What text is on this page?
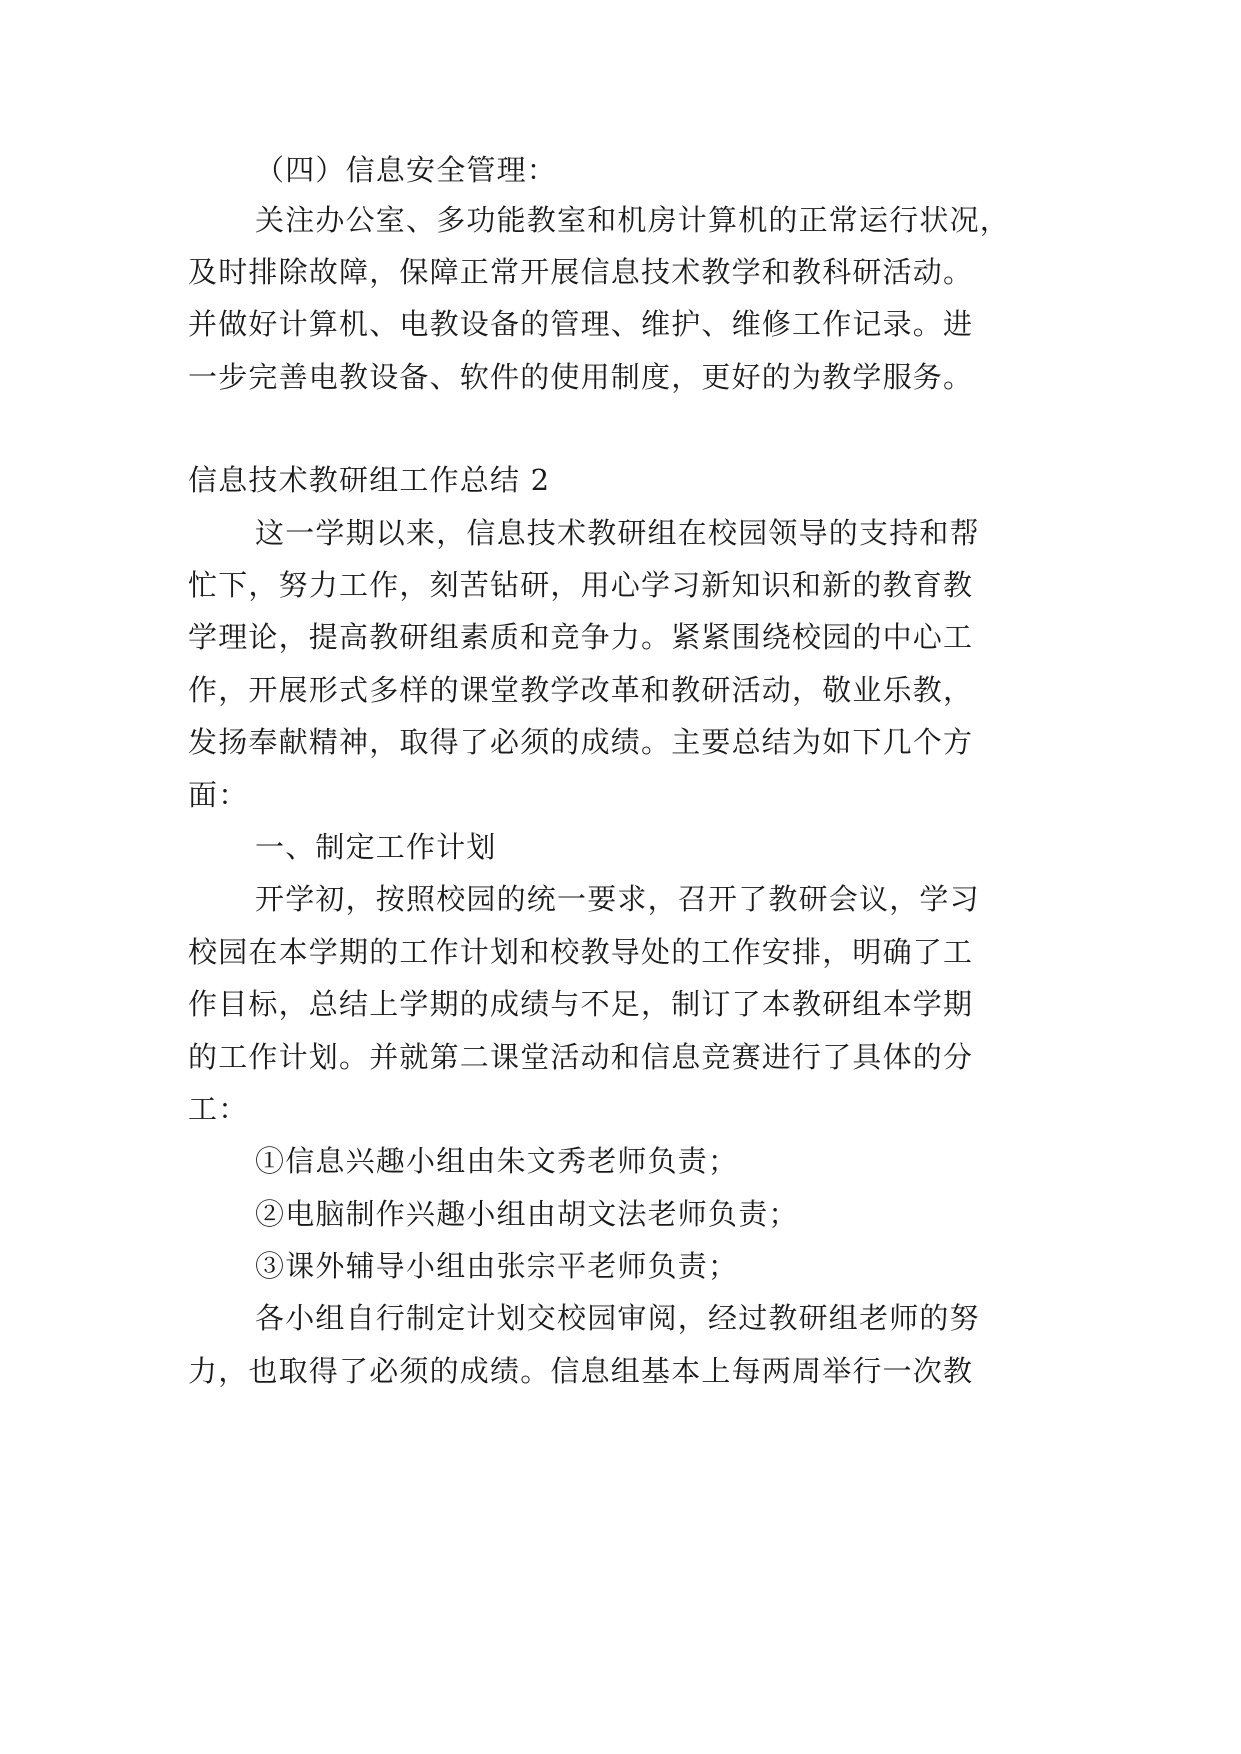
（四）信息安全管理：
关注办公室、多功能教室和机房计算机的正常运行状况，
及时排除故障，保障正常开展信息技术教学和教科研活动。
并做好计算机、电教设备的管理、维护、维修工作记录。进
一步完善电教设备、软件的使用制度，更好的为教学服务。
信息技术教研组工作总结 2
这一学期以来，信息技术教研组在校园领导的支持和帮
忙下，努力工作，刻苦钻研，用心学习新知识和新的教育教
学理论，提高教研组素质和竞争力。紧紧围绕校园的中心工
作，开展形式多样的课堂教学改革和教研活动，敬业乐教，
发扬奉献精神，取得了必须的成绩。主要总结为如下几个方
面：
一、制定工作计划
开学初，按照校园的统一要求，召开了教研会议，学习
校园在本学期的工作计划和校教导处的工作安排，明确了工
作目标，总结上学期的成绩与不足，制订了本教研组本学期
的工作计划。并就第二课堂活动和信息竞赛进行了具体的分
工：
①信息兴趣小组由朱文秀老师负责；
②电脑制作兴趣小组由胡文法老师负责；
③课外辅导小组由张宗平老师负责；
各小组自行制定计划交校园审阅，经过教研组老师的努
力，也取得了必须的成绩。信息组基本上每两周举行一次教
